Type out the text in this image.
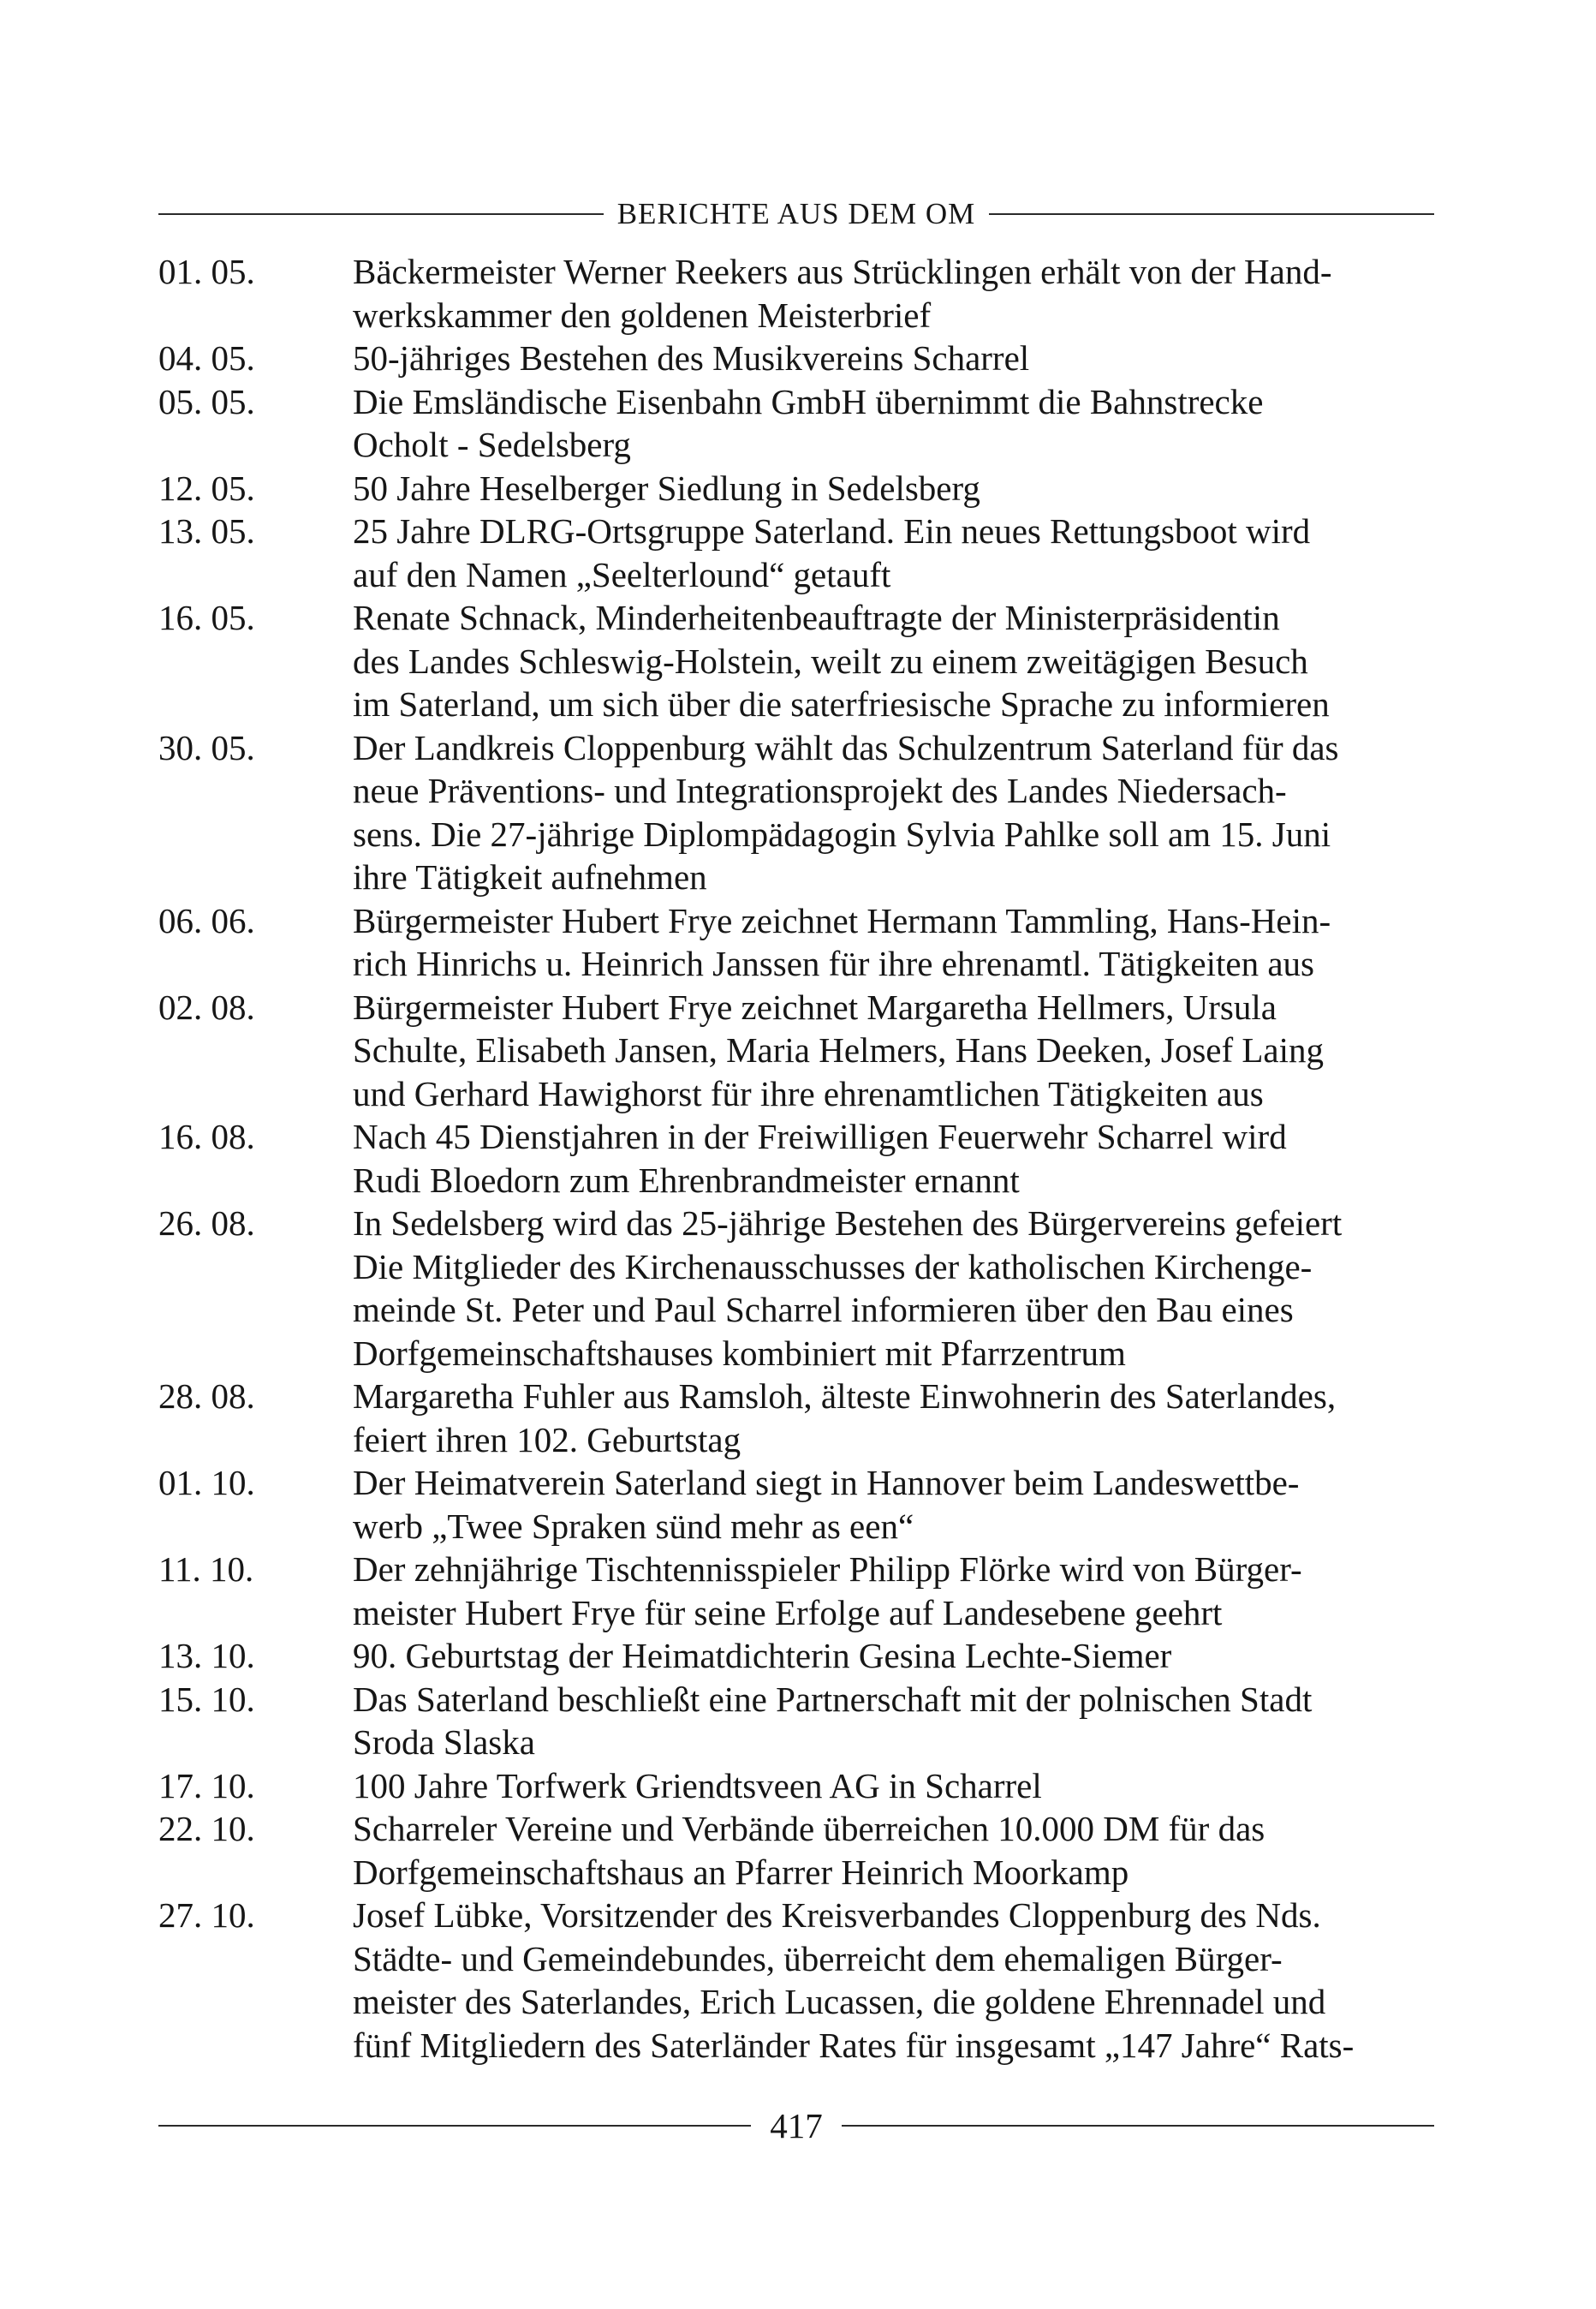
BERICHTE AUS DEM OM
01. 05.	Bäckermeister Werner Reekers aus Strücklingen erhält von der Hand-
werkskammer den goldenen Meisterbrief
04. 05.	50-jähriges Bestehen des Musikvereins Scharrel
05. 05.	Die Emsländische Eisenbahn GmbH übernimmt die Bahnstrecke
Ocholt - Sedelsberg
12. 05.	50 Jahre Heselberger Siedlung in Sedelsberg
13. 05.	25 Jahre DLRG-Ortsgruppe Saterland. Ein neues Rettungsboot wird
auf den Namen „Seelterlound“ getauft
16. 05.	Renate Schnack, Minderheitenbeauftragte der Ministerpräsidentin
des Landes Schleswig-Holstein, weilt zu einem zweitägigen Besuch
im Saterland, um sich über die saterfriesische Sprache zu informieren
30. 05.	Der Landkreis Cloppenburg wählt das Schulzentrum Saterland für das
neue Präventions- und Integrationsprojekt des Landes Niedersach-
sens. Die 27-jährige Diplompädagogin Sylvia Pahlke soll am 15. Juni
ihre Tätigkeit aufnehmen
06. 06.	Bürgermeister Hubert Frye zeichnet Hermann Tammling, Hans-Hein-
rich Hinrichs u. Heinrich Janssen für ihre ehrenamtl. Tätigkeiten aus
02. 08.	Bürgermeister Hubert Frye zeichnet Margaretha Hellmers, Ursula
Schulte, Elisabeth Jansen, Maria Helmers, Hans Deeken, Josef Laing
und Gerhard Hawighorst für ihre ehrenamtlichen Tätigkeiten aus
16. 08.	Nach 45 Dienstjahren in der Freiwilligen Feuerwehr Scharrel wird
Rudi Bloedorn zum Ehrenbrandmeister ernannt
26. 08.	In Sedelsberg wird das 25-jährige Bestehen des Bürgervereins gefeiert
Die Mitglieder des Kirchenausschusses der katholischen Kirchenge-
meinde St. Peter und Paul Scharrel informieren über den Bau eines
Dorfgemeinschaftshauses kombiniert mit Pfarrzentrum
28. 08.	Margaretha Fuhler aus Ramsloh, älteste Einwohnerin des Saterlandes,
feiert ihren 102. Geburtstag
01. 10.	Der Heimatverein Saterland siegt in Hannover beim Landeswettbe-
werb „Twee Spraken sünd mehr as een“
11. 10.	Der zehnjährige Tischtennisspieler Philipp Flörke wird von Bürger-
meister Hubert Frye für seine Erfolge auf Landesebene geehrt
13. 10.	90. Geburtstag der Heimatdichterin Gesina Lechte-Siemer
15. 10.	Das Saterland beschließt eine Partnerschaft mit der polnischen Stadt
Sroda Slaska
17. 10.	100 Jahre Torfwerk Griendtsveen AG in Scharrel
22. 10.	Scharreler Vereine und Verbände überreichen 10.000 DM für das
Dorfgemeinschaftshaus an Pfarrer Heinrich Moorkamp
27. 10.	Josef Lübke, Vorsitzender des Kreisverbandes Cloppenburg des Nds.
Städte- und Gemeindebundes, überreicht dem ehemaligen Bürger-
meister des Saterlandes, Erich Lucassen, die goldene Ehrennadel und
fünf Mitgliedern des Saterländer Rates für insgesamt „147 Jahre“ Rats-
417
